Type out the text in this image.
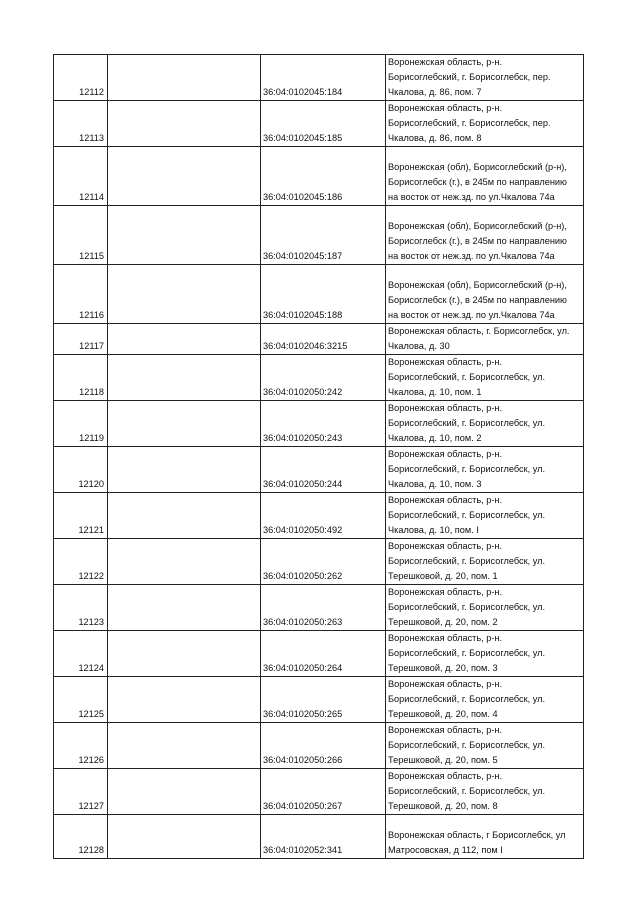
12112		36:04:0102045:184	Воронежская область, р-н.
Борисоглебский, г. Борисоглебск, пер.
Чкалова, д. 86, пом. 7

12113		36:04:0102045:185	Воронежская область, р-н.
Борисоглебский, г. Борисоглебск, пер.
Чкалова, д. 86, пом. 8

12114		36:04:0102045:186	Воронежская (обл), Борисоглебский (р-н),
Борисоглебск (г.), в 245м по направлению
на восток от неж.зд. по ул.Чкалова 74а

12115		36:04:0102045:187	Воронежская (обл), Борисоглебский (р-н),
Борисоглебск (г.), в 245м по направлению
на восток от неж.зд. по ул.Чкалова 74а

12116		36:04:0102045:188	Воронежская (обл), Борисоглебский (р-н),
Борисоглебск (г.), в 245м по направлению
на восток от неж.зд. по ул.Чкалова 74а

12117		36:04:0102046:3215	Воронежская область, г. Борисоглебск, ул.
Чкалова, д. 30

12118		36:04:0102050:242	Воронежская область, р-н.
Борисоглебский, г. Борисоглебск, ул.
Чкалова, д. 10, пом. 1

12119		36:04:0102050:243	Воронежская область, р-н.
Борисоглебский, г. Борисоглебск, ул.
Чкалова, д. 10, пом. 2

12120		36:04:0102050:244	Воронежская область, р-н.
Борисоглебский, г. Борисоглебск, ул.
Чкалова, д. 10, пом. 3

12121		36:04:0102050:492	Воронежская область, р-н.
Борисоглебский, г. Борисоглебск, ул.
Чкалова, д. 10, пом. I

12122		36:04:0102050:262	Воронежская область, р-н.
Борисоглебский, г. Борисоглебск, ул.
Терешковой, д. 20, пом. 1

12123		36:04:0102050:263	Воронежская область, р-н.
Борисоглебский, г. Борисоглебск, ул.
Терешковой, д. 20, пом. 2

12124		36:04:0102050:264	Воронежская область, р-н.
Борисоглебский, г. Борисоглебск, ул.
Терешковой, д. 20, пом. 3

12125		36:04:0102050:265	Воронежская область, р-н.
Борисоглебский, г. Борисоглебск, ул.
Терешковой, д. 20, пом. 4

12126		36:04:0102050:266	Воронежская область, р-н.
Борисоглебский, г. Борисоглебск, ул.
Терешковой, д. 20, пом. 5

12127		36:04:0102050:267	Воронежская область, р-н.
Борисоглебский, г. Борисоглебск, ул.
Терешковой, д. 20, пом. 8

12128		36:04:0102052:341	Воронежская область, г Борисоглебск, ул
Матросовская, д 112, пом I
